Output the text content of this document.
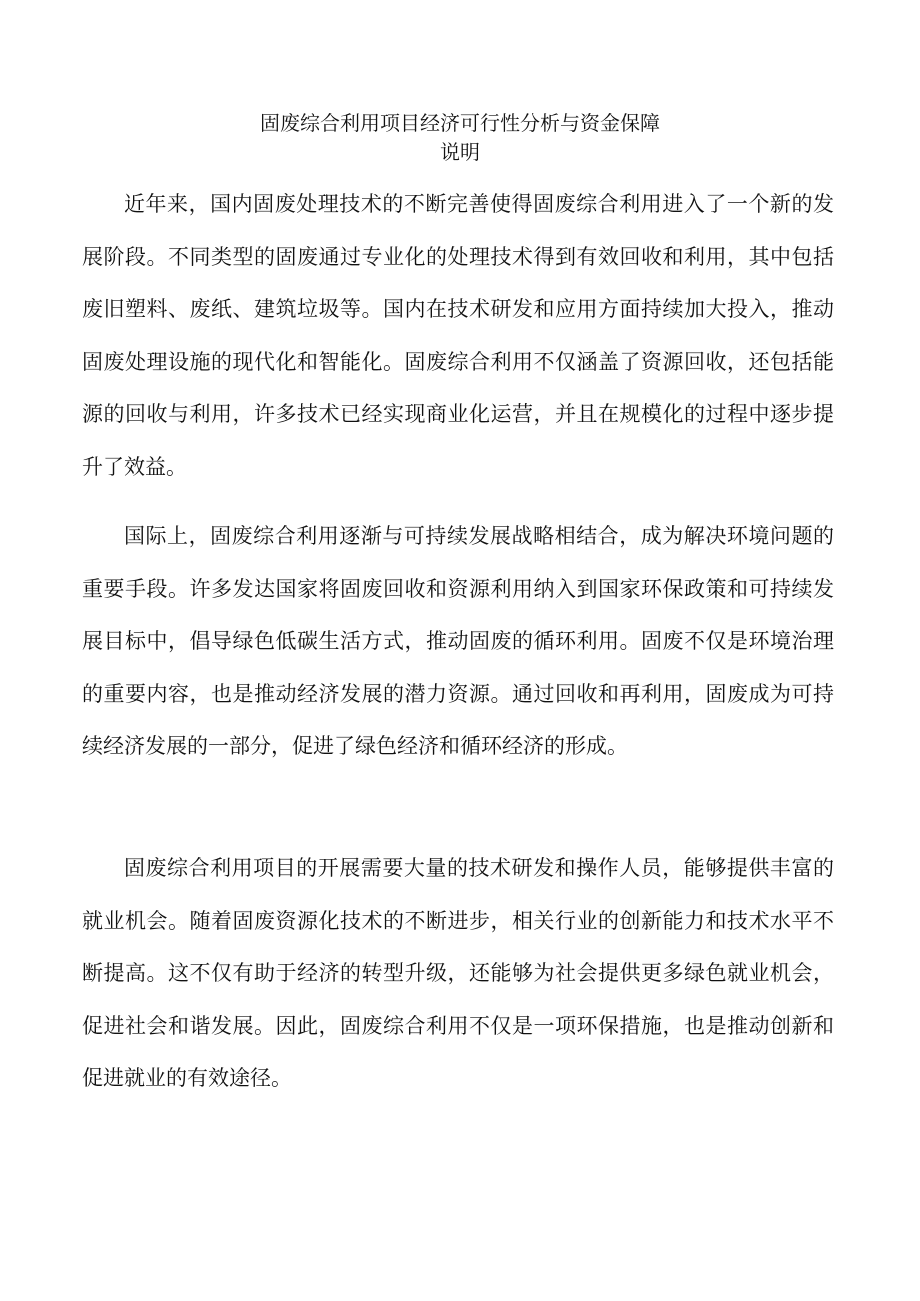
固废综合利用项目经济可行性分析与资金保障
说明

近年来，国内固废处理技术的不断完善使得固废综合利用进入了一个新的发展阶段。不同类型的固废通过专业化的处理技术得到有效回收和利用，其中包括废旧塑料、废纸、建筑垃圾等。国内在技术研发和应用方面持续加大投入，推动固废处理设施的现代化和智能化。固废综合利用不仅涵盖了资源回收，还包括能源的回收与利用，许多技术已经实现商业化运营，并且在规模化的过程中逐步提升了效益。

国际上，固废综合利用逐渐与可持续发展战略相结合，成为解决环境问题的重要手段。许多发达国家将固废回收和资源利用纳入到国家环保政策和可持续发展目标中，倡导绿色低碳生活方式，推动固废的循环利用。固废不仅是环境治理的重要内容，也是推动经济发展的潜力资源。通过回收和再利用，固废成为可持续经济发展的一部分，促进了绿色经济和循环经济的形成。

固废综合利用项目的开展需要大量的技术研发和操作人员，能够提供丰富的就业机会。随着固废资源化技术的不断进步，相关行业的创新能力和技术水平不断提高。这不仅有助于经济的转型升级，还能够为社会提供更多绿色就业机会，促进社会和谐发展。因此，固废综合利用不仅是一项环保措施，也是推动创新和促进就业的有效途径。
